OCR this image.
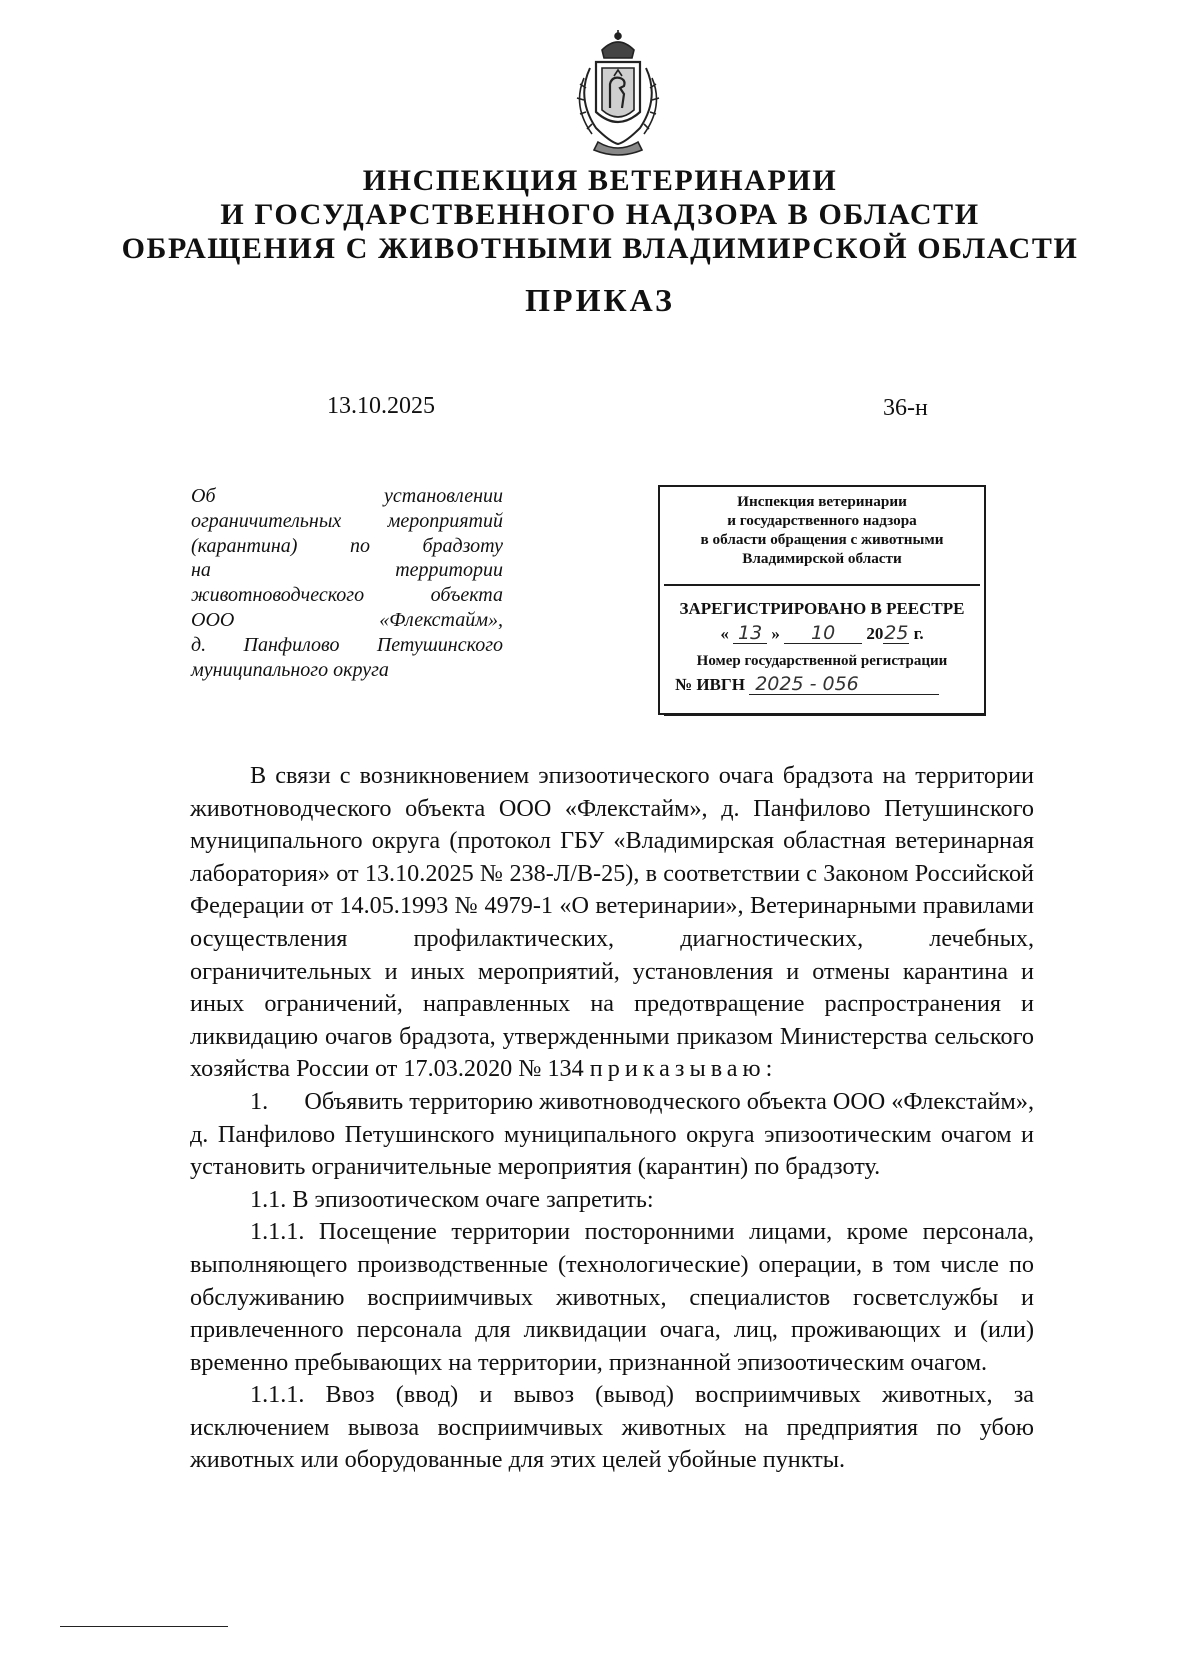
ИНСПЕКЦИЯ ВЕТЕРИНАРИИ
И ГОСУДАРСТВЕННОГО НАДЗОРА В ОБЛАСТИ
ОБРАЩЕНИЯ С ЖИВОТНЫМИ ВЛАДИМИРСКОЙ ОБЛАСТИ
ПРИКАЗ
13.10.2025	36-н
Об	установлении
ограничительных мероприятий
(карантина)	по	брадзоту
на	территории
животноводческого	объекта
ООО	«Флекстайм»,
д. Панфилово Петушинского
муниципального округа
Инспекция ветеринарии
и государственного надзора
в области обращения с животными
Владимирской области
ЗАРЕГИСТРИРОВАНО В РЕЕСТРЕ
« 13 » 10 2025 г.
Номер государственной регистрации
№ ИВГН 2025 - 056

В связи с возникновением эпизоотического очага брадзота на территории животноводческого объекта ООО «Флекстайм», д. Панфилово Петушинского муниципального округа (протокол ГБУ «Владимирская областная ветеринарная лаборатория» от 13.10.2025 № 238-Л/В-25), в соответствии с Законом Российской Федерации от 14.05.1993 № 4979-1 «О ветеринарии», Ветеринарными правилами осуществления профилактических, диагностических, лечебных, ограничительных и иных мероприятий, установления и отмены карантина и иных ограничений, направленных на предотвращение распространения и ликвидацию очагов брадзота, утвержденными приказом Министерства сельского хозяйства России от 17.03.2020 № 134 приказываю:

1. Объявить территорию животноводческого объекта ООО «Флекстайм», д. Панфилово Петушинского муниципального округа эпизоотическим очагом и установить ограничительные мероприятия (карантин) по брадзоту.

1.1. В эпизоотическом очаге запретить:

1.1.1. Посещение территории посторонними лицами, кроме персонала, выполняющего производственные (технологические) операции, в том числе по обслуживанию восприимчивых животных, специалистов госветслужбы и привлеченного персонала для ликвидации очага, лиц, проживающих и (или) временно пребывающих на территории, признанной эпизоотическим очагом.

1.1.1. Ввоз (ввод) и вывоз (вывод) восприимчивых животных, за исключением вывоза восприимчивых животных на предприятия по убою животных или оборудованные для этих целей убойные пункты.
